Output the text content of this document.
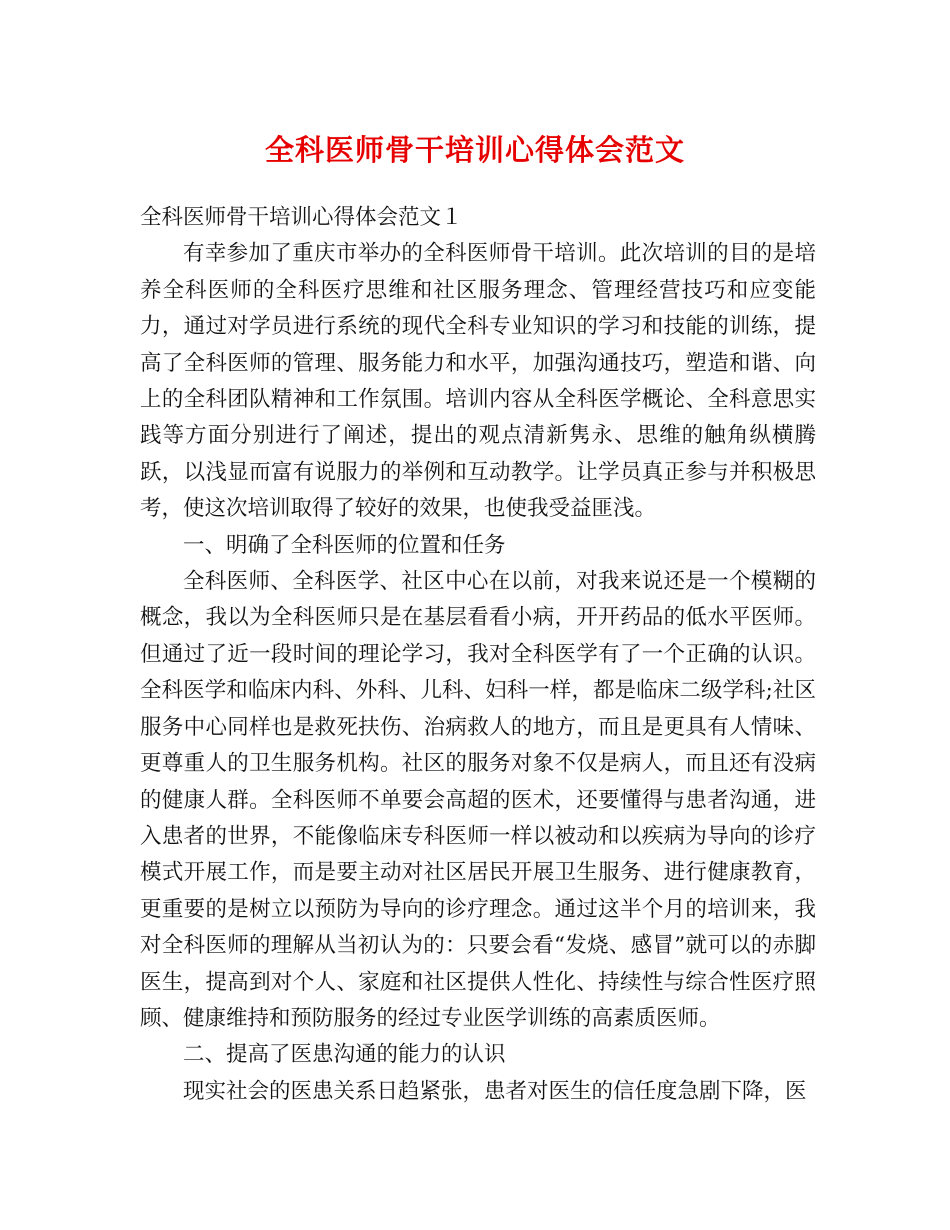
全科医师骨干培训心得体会范文

全科医师骨干培训心得体会范文１

有幸参加了重庆市举办的全科医师骨干培训。此次培训的目的是培养全科医师的全科医疗思维和社区服务理念、管理经营技巧和应变能力，通过对学员进行系统的现代全科专业知识的学习和技能的训练，提高了全科医师的管理、服务能力和水平，加强沟通技巧，塑造和谐、向上的全科团队精神和工作氛围。培训内容从全科医学概论、全科意思实践等方面分别进行了阐述，提出的观点清新隽永、思维的触角纵横腾跃，以浅显而富有说服力的举例和互动教学。让学员真正参与并积极思考，使这次培训取得了较好的效果，也使我受益匪浅。

一、明确了全科医师的位置和任务

全科医师、全科医学、社区中心在以前，对我来说还是一个模糊的概念，我以为全科医师只是在基层看看小病，开开药品的低水平医师。但通过了近一段时间的理论学习，我对全科医学有了一个正确的认识。全科医学和临床内科、外科、儿科、妇科一样，都是临床二级学科;社区服务中心同样也是救死扶伤、治病救人的地方，而且是更具有人情味、更尊重人的卫生服务机构。社区的服务对象不仅是病人，而且还有没病的健康人群。全科医师不单要会高超的医术，还要懂得与患者沟通，进入患者的世界，不能像临床专科医师一样以被动和以疾病为导向的诊疗模式开展工作，而是要主动对社区居民开展卫生服务、进行健康教育，更重要的是树立以预防为导向的诊疗理念。通过这半个月的培训来，我对全科医师的理解从当初认为的：只要会看“发烧、感冒”就可以的赤脚医生，提高到对个人、家庭和社区提供人性化、持续性与综合性医疗照顾、健康维持和预防服务的经过专业医学训练的高素质医师。

二、提高了医患沟通的能力的认识

现实社会的医患关系日趋紧张，患者对医生的信任度急剧下降，医
